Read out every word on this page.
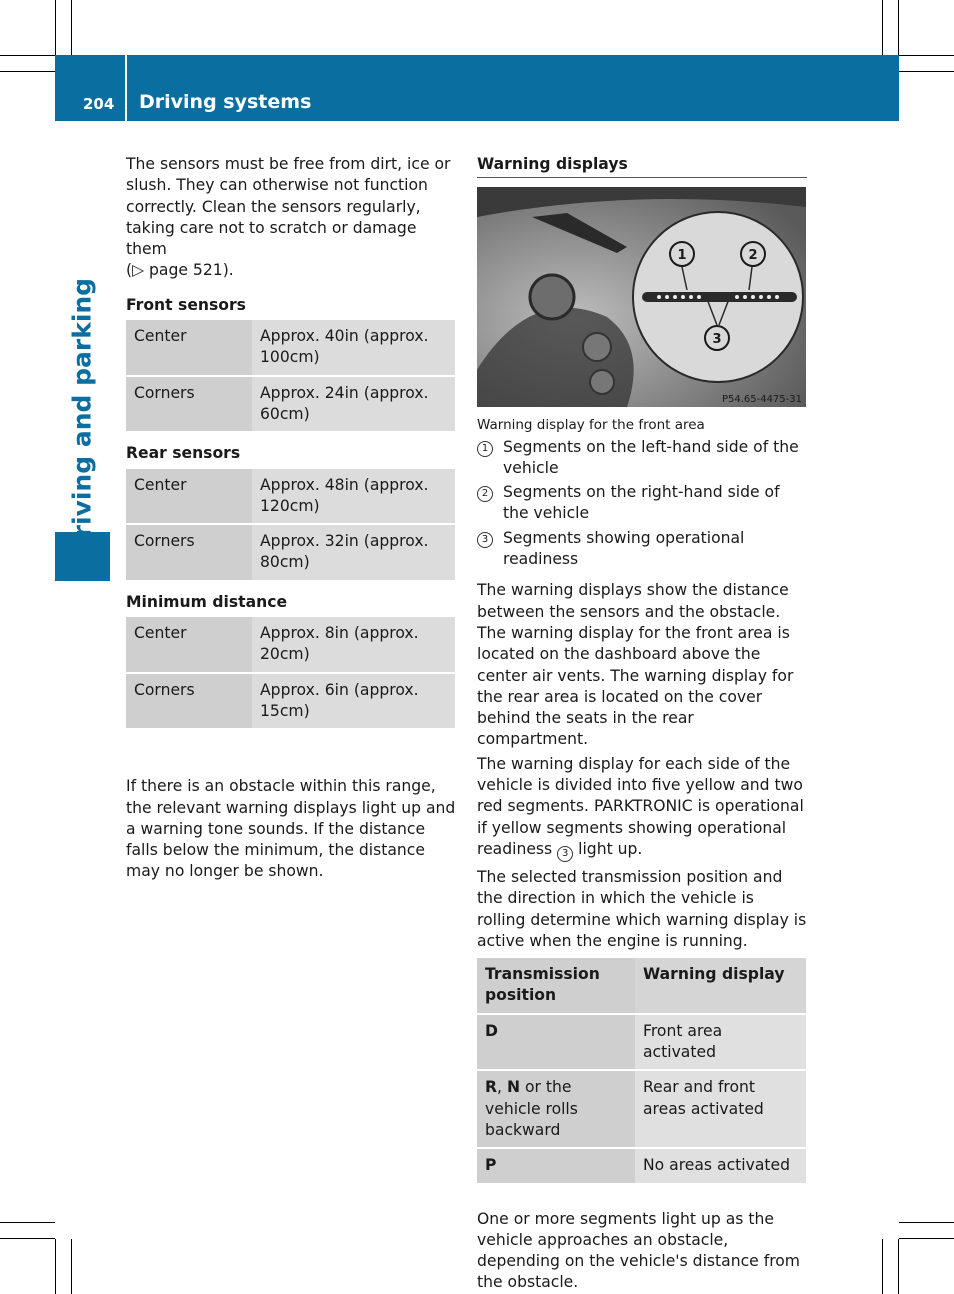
204 Driving systems
Driving and parking

The sensors must be free from dirt, ice or slush. They can otherwise not function correctly. Clean the sensors regularly, taking care not to scratch or damage them
(▷ page 521).

Front sensors
Center	Approx. 40in (approx. 100cm)
Corners	Approx. 24in (approx. 60cm)
Rear sensors
Center	Approx. 48in (approx. 120cm)
Corners	Approx. 32in (approx. 80cm)
Minimum distance
Center	Approx. 8in (approx. 20cm)
Corners	Approx. 6in (approx. 15cm)

If there is an obstacle within this range, the relevant warning displays light up and a warning tone sounds. If the distance falls below the minimum, the distance may no longer be shown.

Warning displays
1	2
3
P54.65-4475-31
Warning display for the front area
1 Segments on the left-hand side of the vehicle
2 Segments on the right-hand side of the vehicle
3 Segments showing operational readiness

The warning displays show the distance between the sensors and the obstacle. The warning display for the front area is located on the dashboard above the center air vents. The warning display for the rear area is located on the cover behind the seats in the rear compartment.

The warning display for each side of the vehicle is divided into five yellow and two red segments. PARKTRONIC is operational if yellow segments showing operational readiness 3 light up.

The selected transmission position and the direction in which the vehicle is rolling determine which warning display is active when the engine is running.

Transmission position	Warning display
D	Front area activated
R, N or the vehicle rolls backward	Rear and front areas activated
P	No areas activated

One or more segments light up as the vehicle approaches an obstacle, depending on the vehicle's distance from the obstacle.
